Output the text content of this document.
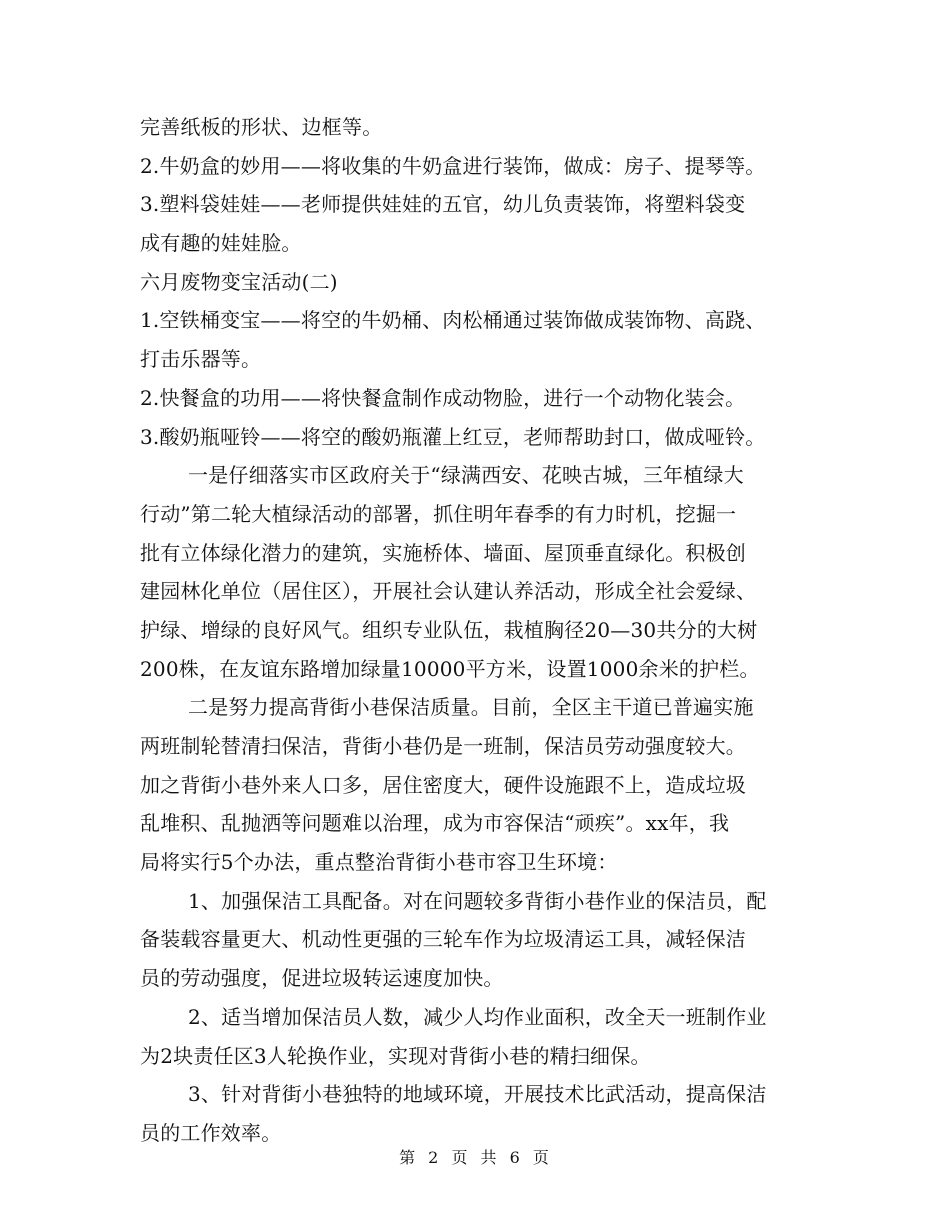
完善纸板的形状、边框等。
2.牛奶盒的妙用——将收集的牛奶盒进行装饰，做成：房子、提琴等。
3.塑料袋娃娃——老师提供娃娃的五官，幼儿负责装饰，将塑料袋变
成有趣的娃娃脸。
六月废物变宝活动(二)
1.空铁桶变宝——将空的牛奶桶、肉松桶通过装饰做成装饰物、高跷、
打击乐器等。
2.快餐盒的功用——将快餐盒制作成动物脸，进行一个动物化装会。
3.酸奶瓶哑铃——将空的酸奶瓶灌上红豆，老师帮助封口，做成哑铃。
一是仔细落实市区政府关于“绿满西安、花映古城，三年植绿大
行动”第二轮大植绿活动的部署，抓住明年春季的有力时机，挖掘一
批有立体绿化潜力的建筑，实施桥体、墙面、屋顶垂直绿化。积极创
建园林化单位（居住区），开展社会认建认养活动，形成全社会爱绿、
护绿、增绿的良好风气。组织专业队伍，栽植胸径20—30共分的大树
200株，在友谊东路增加绿量10000平方米，设置1000余米的护栏。
二是努力提高背街小巷保洁质量。目前，全区主干道已普遍实施
两班制轮替清扫保洁，背街小巷仍是一班制，保洁员劳动强度较大。
加之背街小巷外来人口多，居住密度大，硬件设施跟不上，造成垃圾
乱堆积、乱抛洒等问题难以治理，成为市容保洁“顽疾”。xx年，我
局将实行5个办法，重点整治背街小巷市容卫生环境：
1、加强保洁工具配备。对在问题较多背街小巷作业的保洁员，配
备装载容量更大、机动性更强的三轮车作为垃圾清运工具，减轻保洁
员的劳动强度，促进垃圾转运速度加快。
2、适当增加保洁员人数，减少人均作业面积，改全天一班制作业
为2块责任区3人轮换作业，实现对背街小巷的精扫细保。
3、针对背街小巷独特的地域环境，开展技术比武活动，提高保洁
员的工作效率。
第 2 页 共 6 页
